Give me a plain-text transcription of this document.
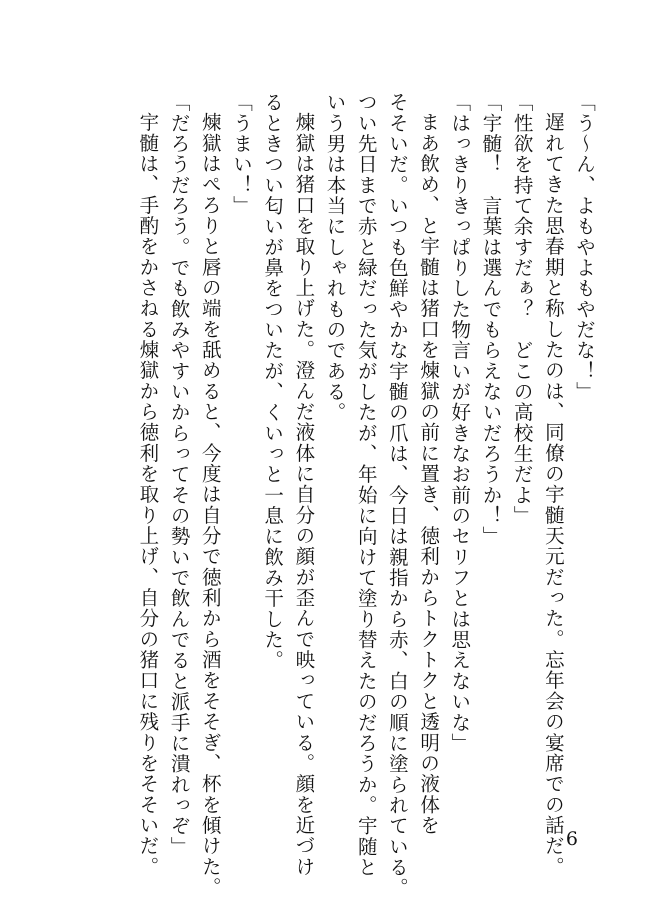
「う〜ん、よもやよもやだな！」

遅れてきた思春期と称したのは、同僚の宇髄天元だった。忘年会の宴席での話だ。

「性欲を持て余すだぁ？　どこの高校生だよ」

「宇髄！　言葉は選んでもらえないだろうか！」

「はっきりきっぱりした物言いが好きなお前のセリフとは思えないな」

まあ飲め、と宇髄は猪口を煉獄の前に置き、徳利からトクトクと透明の液体を

そそいだ。いつも色鮮やかな宇髄の爪は、今日は親指から赤、白の順に塗られている。

つい先日まで赤と緑だった気がしたが、年始に向けて塗り替えたのだろうか。宇随と

いう男は本当にしゃれものである。

煉獄は猪口を取り上げた。澄んだ液体に自分の顔が歪んで映っている。顔を近づけ

るときつい匂いが鼻をついたが、くいっと一息に飲み干した。

「うまい！」

煉獄はぺろりと唇の端を舐めると、今度は自分で徳利から酒をそそぎ、杯を傾けた。

「だろうだろう。でも飲みやすいからってその勢いで飲んでると派手に潰れっぞ」

宇髄は、手酌をかさねる煉獄から徳利を取り上げ、自分の猪口に残りをそそいだ。	6
